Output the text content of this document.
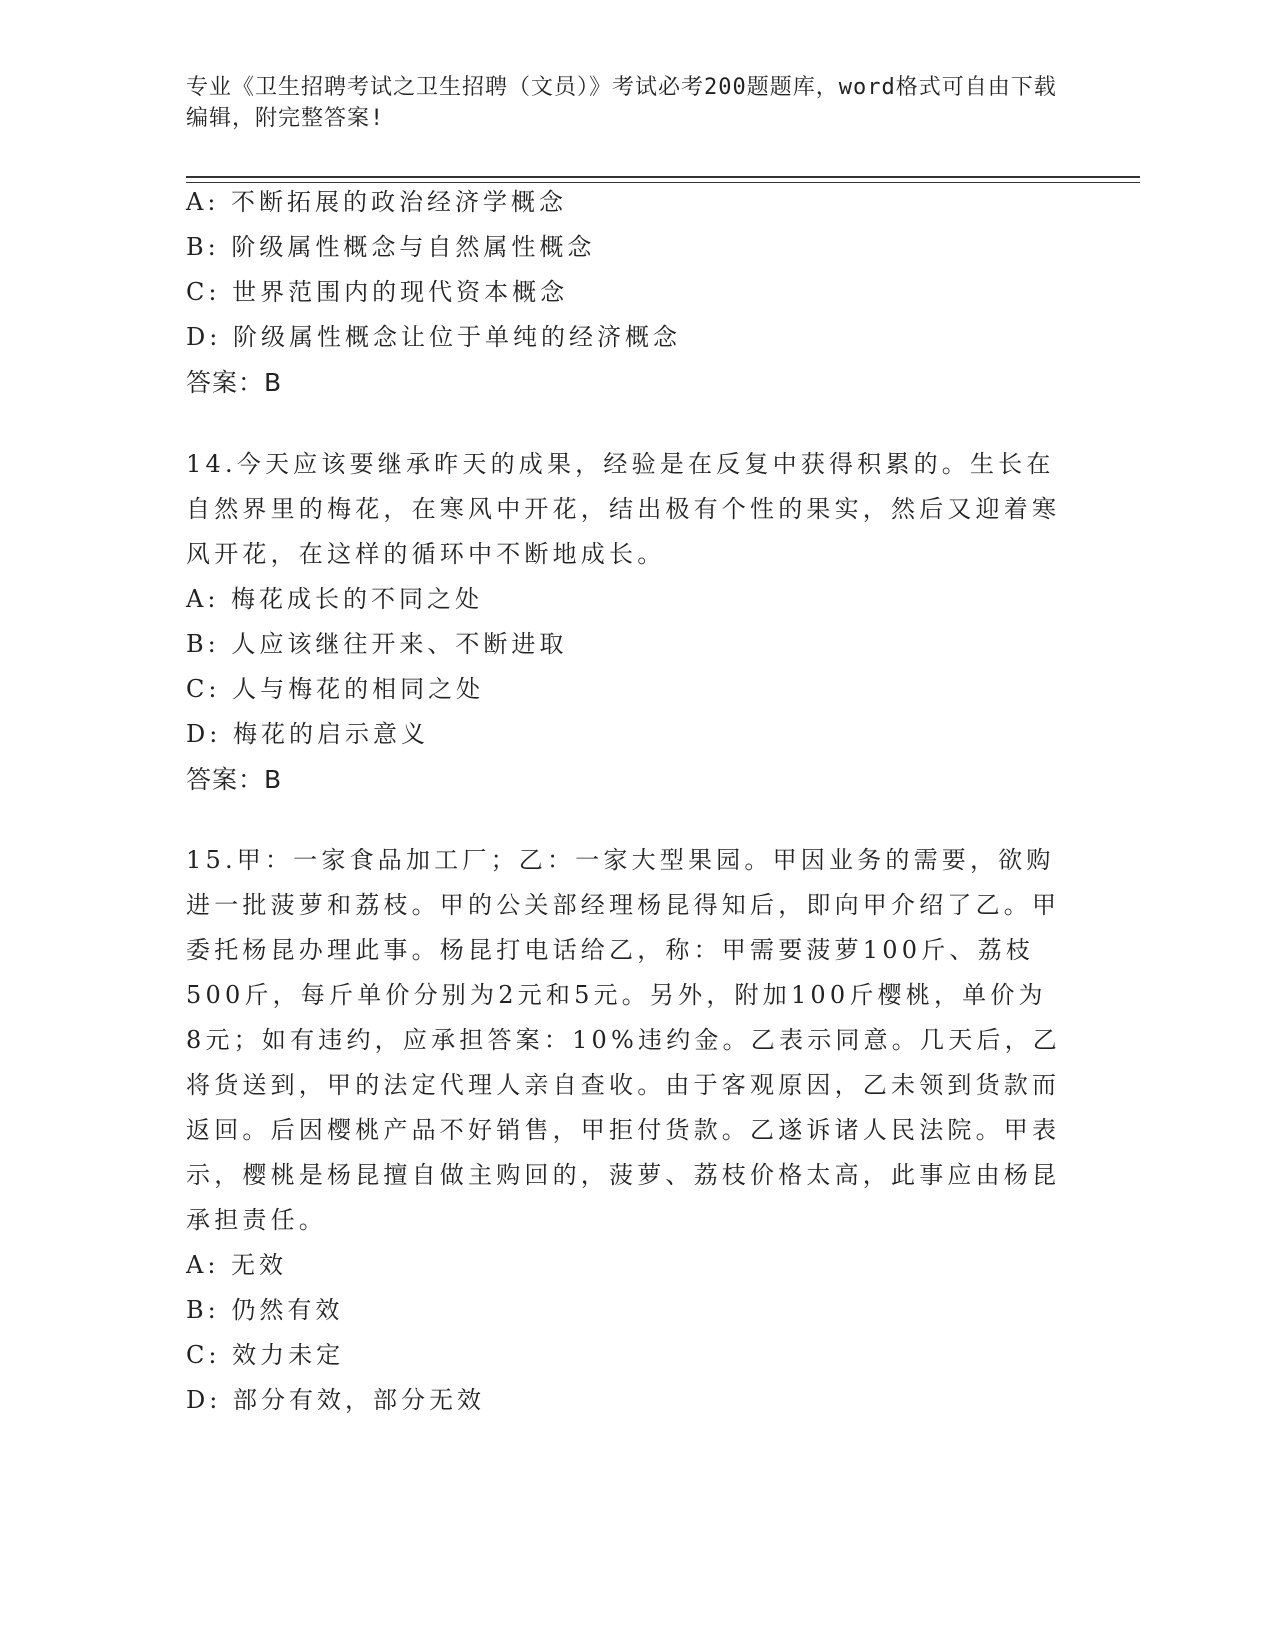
专业《卫生招聘考试之卫生招聘（文员）》考试必考200题题库，word格式可自由下载编辑，附完整答案!
A: 不断拓展的政治经济学概念
B: 阶级属性概念与自然属性概念
C: 世界范围内的现代资本概念
D: 阶级属性概念让位于单纯的经济概念
答案：B
14.今天应该要继承昨天的成果，经验是在反复中获得积累的。生长在自然界里的梅花，在寒风中开花，结出极有个性的果实，然后又迎着寒风开花，在这样的循环中不断地成长。
A: 梅花成长的不同之处
B: 人应该继往开来、不断进取
C: 人与梅花的相同之处
D: 梅花的启示意义
答案：B
15.甲：一家食品加工厂；乙：一家大型果园。甲因业务的需要，欲购进一批菠萝和荔枝。甲的公关部经理杨昆得知后，即向甲介绍了乙。甲委托杨昆办理此事。杨昆打电话给乙，称：甲需要菠萝100斤、荔枝500斤，每斤单价分别为2元和5元。另外，附加100斤樱桃，单价为8元；如有违约，应承担答案：10%违约金。乙表示同意。几天后，乙将货送到，甲的法定代理人亲自查收。由于客观原因，乙未领到货款而返回。后因樱桃产品不好销售，甲拒付货款。乙遂诉诸人民法院。甲表示，樱桃是杨昆擅自做主购回的，菠萝、荔枝价格太高，此事应由杨昆承担责任。
A: 无效
B: 仍然有效
C: 效力未定
D: 部分有效，部分无效
